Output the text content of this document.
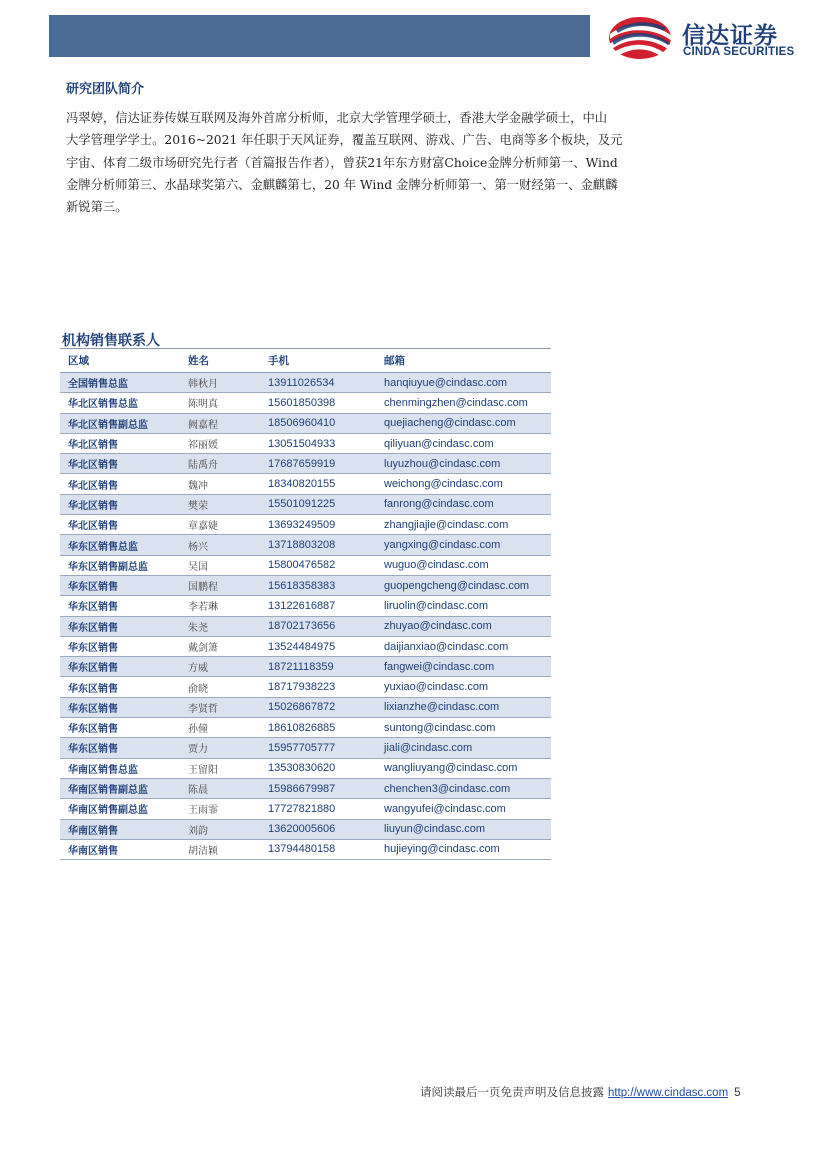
信达证券
CINDA SECURITIES
研究团队简介
冯翠婷，信达证券传媒互联网及海外首席分析师，北京大学管理学硕士，香港大学金融学硕士，中山
大学管理学学士。2016~2021 年任职于天风证券，覆盖互联网、游戏、广告、电商等多个板块，及元
宇宙、体育二级市场研究先行者（首篇报告作者），曾获21年东方财富Choice金牌分析师第一、Wind
金牌分析师第三、水晶球奖第六、金麒麟第七，20 年 Wind 金牌分析师第一、第一财经第一、金麒麟
新锐第三。
机构销售联系人
区域	姓名	手机	邮箱
全国销售总监	韩秋月	13911026534	hanqiuyue@cindasc.com
华北区销售总监	陈明真	15601850398	chenmingzhen@cindasc.com
华北区销售副总监	阙嘉程	18506960410	quejiacheng@cindasc.com
华北区销售	祁丽媛	13051504933	qiliyuan@cindasc.com
华北区销售	陆禹舟	17687659919	luyuzhou@cindasc.com
华北区销售	魏冲	18340820155	weichong@cindasc.com
华北区销售	樊荣	15501091225	fanrong@cindasc.com
华北区销售	章嘉婕	13693249509	zhangjiajie@cindasc.com
华东区销售总监	杨兴	13718803208	yangxing@cindasc.com
华东区销售副总监	吴国	15800476582	wuguo@cindasc.com
华东区销售	国鹏程	15618358383	guopengcheng@cindasc.com
华东区销售	李若琳	13122616887	liruolin@cindasc.com
华东区销售	朱尧	18702173656	zhuyao@cindasc.com
华东区销售	戴剑箫	13524484975	daijianxiao@cindasc.com
华东区销售	方威	18721118359	fangwei@cindasc.com
华东区销售	俞晓	18717938223	yuxiao@cindasc.com
华东区销售	李贤哲	15026867872	lixianzhe@cindasc.com
华东区销售	孙僮	18610826885	suntong@cindasc.com
华东区销售	贾力	15957705777	jiali@cindasc.com
华南区销售总监	王留阳	13530830620	wangliuyang@cindasc.com
华南区销售副总监	陈晨	15986679987	chenchen3@cindasc.com
华南区销售副总监	王雨霏	17727821880	wangyufei@cindasc.com
华南区销售	刘韵	13620005606	liuyun@cindasc.com
华南区销售	胡洁颖	13794480158	hujieying@cindasc.com
请阅读最后一页免责声明及信息披露 http://www.cindasc.com 5
